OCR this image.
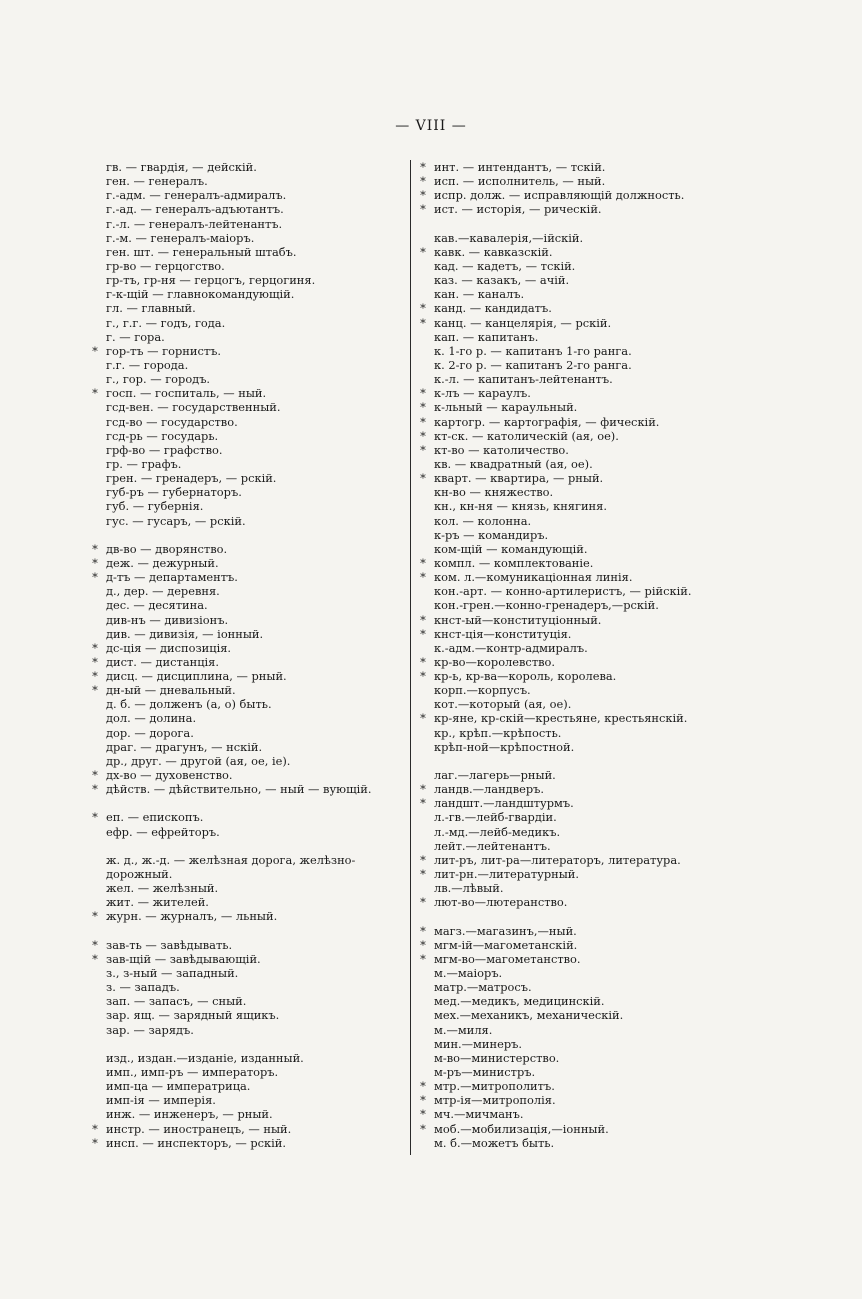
— VIII —
гв. — гвардія, — дейскій.
ген. — генералъ.
г.-адм. — генералъ-адмиралъ.
г.-ад. — генералъ-адъютантъ.
г.-л. — генералъ-лейтенантъ.
г.-м. — генералъ-маіоръ.
ген. шт. — генеральный штабъ.
гр-во — герцогство.
гр-тъ, гр-ня — герцогъ, герцогиня.
г-к-щій — главнокомандующій.
гл. — главный.
г., г.г. — годъ, года.
г. — гора.
* гор-тъ — горнистъ.
г.г. — города.
г., гор. — городъ.
* госп. — госпиталь, — ный.
гсд-вен. — государственный.
гсд-во — государство.
гсд-рь — государь.
грф-во — графство.
гр. — графъ.
грен. — гренадеръ, — рскій.
губ-ръ — губернаторъ.
губ. — губернія.
гус. — гусаръ, — рскій.
* дв-во — дворянство.
* деж. — дежурный.
* д-тъ — департаментъ.
д., дер. — деревня.
дес. — десятина.
див-нъ — дивизіонъ.
див. — дивизія, — іонный.
* дс-ція — диспозиція.
* дист. — дистанція.
* дисц. — дисциплина, — рный.
* дн-ый — дневальный.
д. б. — долженъ (а, о) быть.
дол. — долина.
дор. — дорога.
драг. — драгунъ, — нскій.
др., друг. — другой (ая, ое, іе).
* дх-во — духовенство.
* дѣйств. — дѣйствительно, — ный — вующій.
* еп. — епископъ.
ефр. — ефрейторъ.
ж. д., ж.-д. — желѣзная дорога, желѣзно-дорожный.
жел. — желѣзный.
жит. — жителей.
* журн. — журналъ, — льный.
* зав-ть — завѣдывать.
* зав-щій — завѣдывающій.
з., з-ный — западный.
з. — западъ.
зап. — запасъ, — сный.
зар. ящ. — зарядный ящикъ.
зар. — зарядъ.
изд., издан.—изданіе, изданный.
имп., имп-ръ — императоръ.
имп-ца — императрица.
имп-ія — имперія.
инж. — инженеръ, — рный.
* инстр. — иностранецъ, — ный.
* инсп. — инспекторъ, — рскій.
* инт. — интендантъ, — тскій.
* исп. — исполнитель, — ный.
* испр. долж. — исправляющій должность.
* ист. — исторія, — рическій.
кав.—кавалерія,—ійскій.
* кавк. — кавказскій.
кад. — кадетъ, — тскій.
каз. — казакъ, — ачій.
кан. — каналъ.
* канд. — кандидатъ.
* канц. — канцелярія, — рскій.
кап. — капитанъ.
к. 1-го р. — капитанъ 1-го ранга.
к. 2-го р. — капитанъ 2-го ранга.
к.-л. — капитанъ-лейтенантъ.
* к-лъ — караулъ.
* к-льный — караульный.
* картогр. — картографія, — фическій.
* кт-ск. — католическій (ая, ое).
* кт-во — католичество.
кв. — квадратный (ая, ое).
* кварт. — квартира, — рный.
кн-во — княжество.
кн., кн-ня — князь, княгиня.
кол. — колонна.
к-ръ — командиръ.
ком-щій — командующій.
* компл. — комплектованіе.
* ком. л.—комуникаціонная линія.
кон.-арт. — конно-артилеристъ, — рійскій.
кон.-грен.—конно-гренадеръ,—рскій.
* кнст-ый—конституціонный.
* кнст-ція—конституція.
к.-адм.—контр-адмиралъ.
* кр-во—королевство.
* кр-ь, кр-ва—король, королева.
корп.—корпусъ.
кот.—который (ая, ое).
* кр-яне, кр-скій—крестьяне, крестьянскій.
кр., крѣп.—крѣпость.
крѣп-ной—крѣпостной.
лаг.—лагерь—рный.
* ландв.—ландверъ.
* ландшт.—ландштурмъ.
л.-гв.—лейб-гвардіи.
л.-мд.—лейб-медикъ.
лейт.—лейтенантъ.
* лит-ръ, лит-ра—литераторъ, литература.
* лит-рн.—литературный.
лв.—лѣвый.
* лют-во—лютеранство.
* магз.—магазинъ,—ный.
* мгм-ій—магометанскій.
* мгм-во—магометанство.
м.—маіоръ.
матр.—матросъ.
мед.—медикъ, медицинскій.
мех.—механикъ, механическій.
м.—миля.
мин.—минеръ.
м-во—министерство.
м-ръ—министръ.
* мтр.—митрополитъ.
* мтр-ія—митрополія.
* мч.—мичманъ.
* моб.—мобилизація,—іонный.
м. б.—можетъ быть.
